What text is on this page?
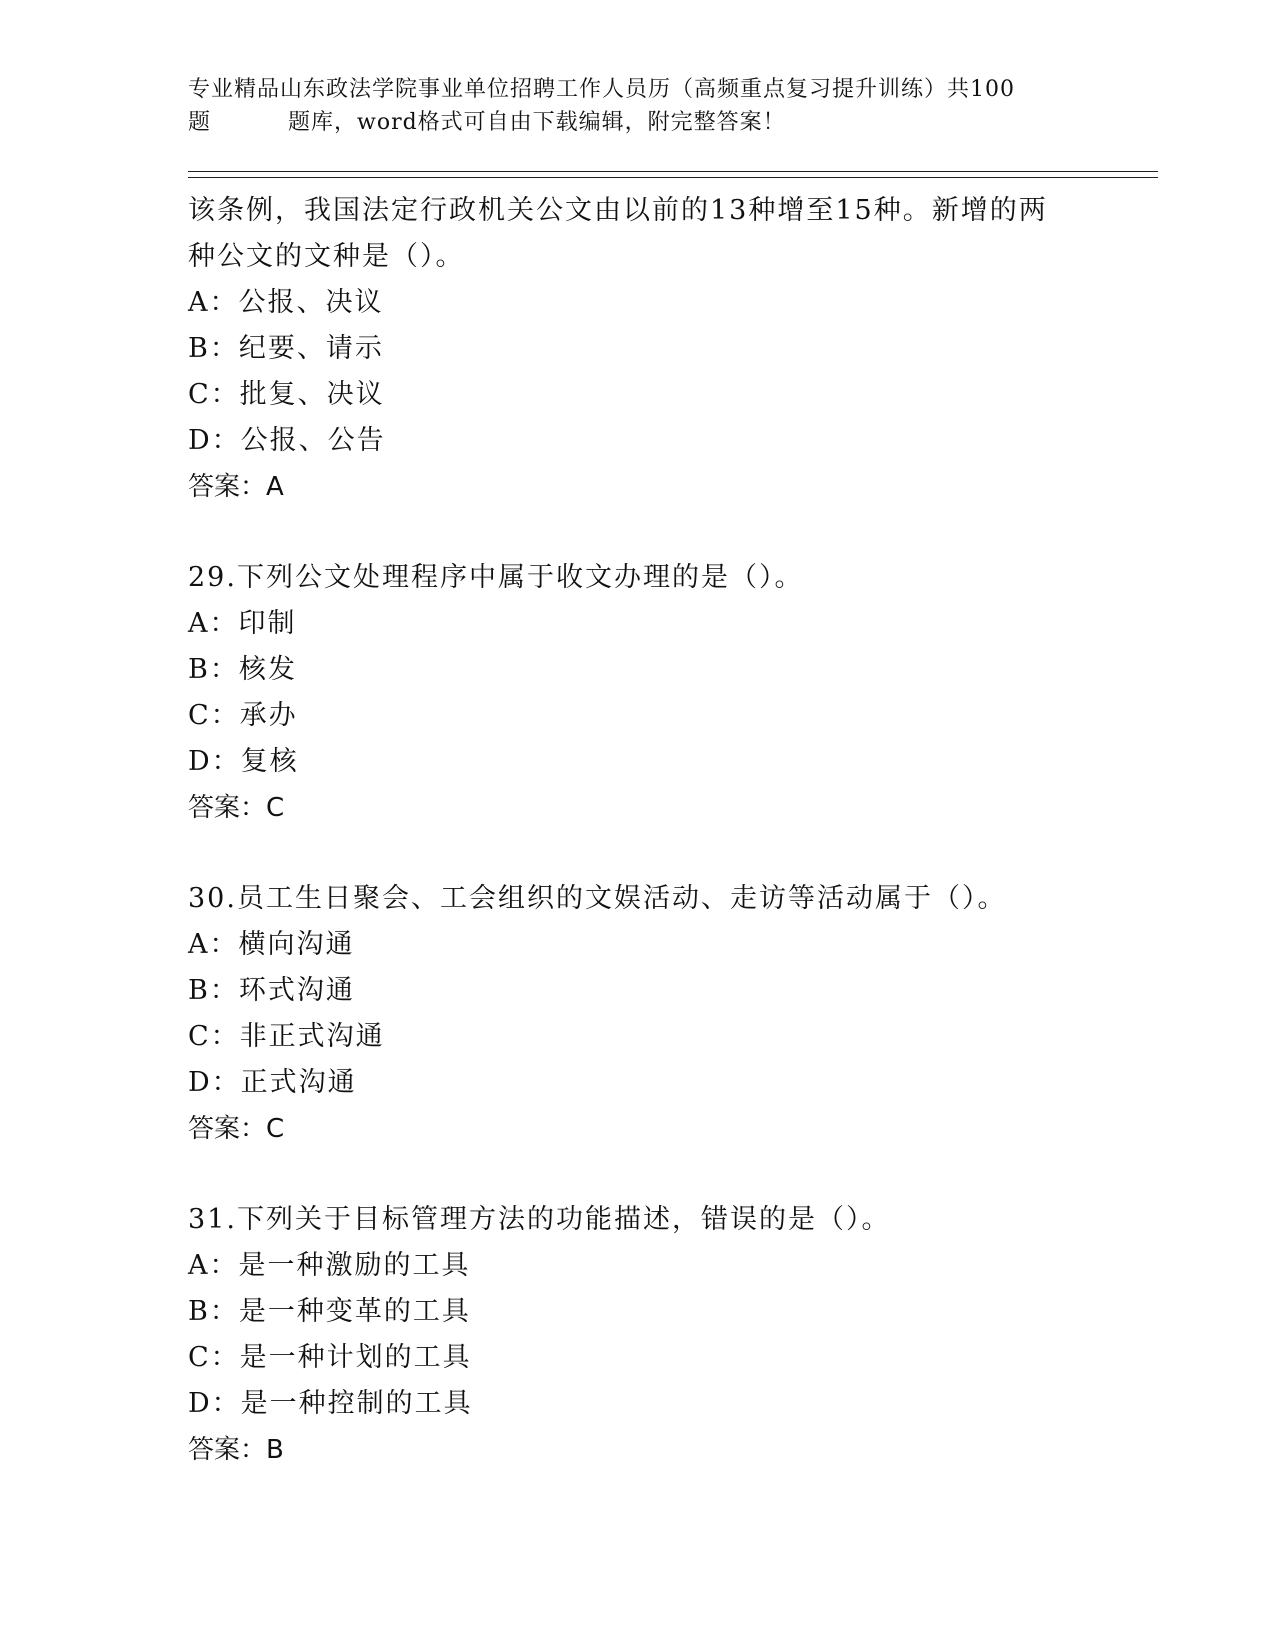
专业精品山东政法学院事业单位招聘工作人员历（高频重点复习提升训练）共100
题	题库，word格式可自由下载编辑，附完整答案！
该条例，我国法定行政机关公文由以前的13种增至15种。新增的两
种公文的文种是（）。
A：公报、决议
B：纪要、请示
C：批复、决议
D：公报、公告
答案：A
29.下列公文处理程序中属于收文办理的是（）。
A：印制
B：核发
C：承办
D：复核
答案：C
30.员工生日聚会、工会组织的文娱活动、走访等活动属于（）。
A：横向沟通
B：环式沟通
C：非正式沟通
D：正式沟通
答案：C
31.下列关于目标管理方法的功能描述，错误的是（）。
A：是一种激励的工具
B：是一种变革的工具
C：是一种计划的工具
D：是一种控制的工具
答案：B
